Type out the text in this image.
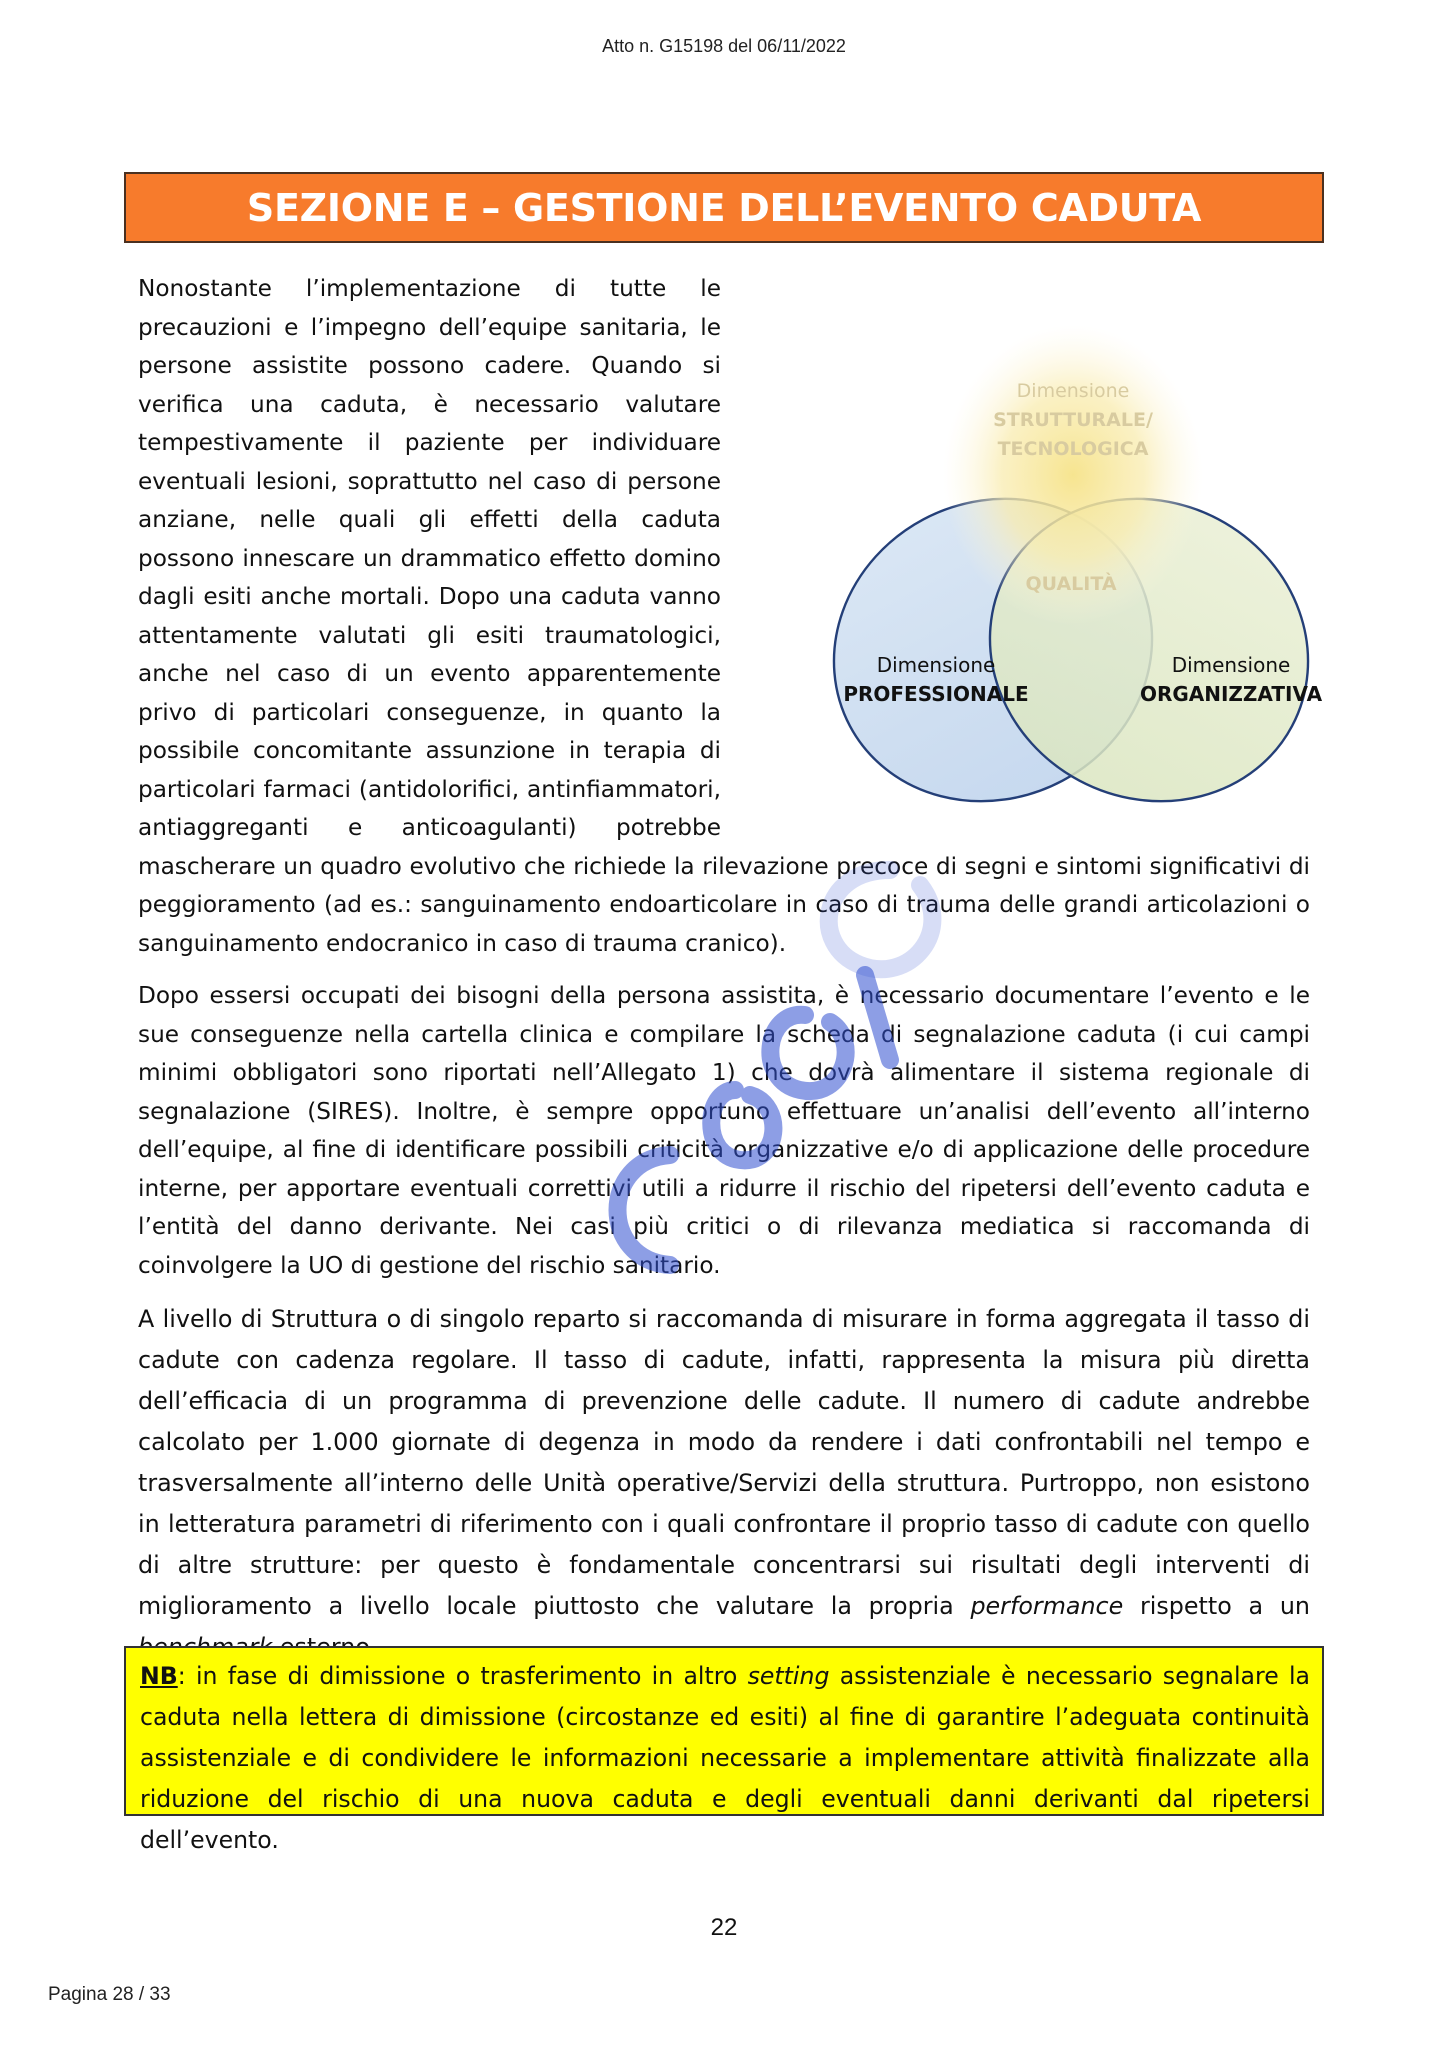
Atto n. G15198 del 06/11/2022
SEZIONE E – GESTIONE DELL’EVENTO CADUTA
Dimensione
STRUTTURALE/
TECNOLOGICA
QUALITÀ
Dimensione
PROFESSIONALE
Dimensione
ORGANIZZATIVA

Nonostante l’implementazione di tutte le precauzioni e l’impegno dell’equipe sanitaria, le persone assistite possono cadere. Quando si verifica una caduta, è necessario valutare tempestivamente il paziente per individuare eventuali lesioni, soprattutto nel caso di persone anziane, nelle quali gli effetti della caduta possono innescare un drammatico effetto domino dagli esiti anche mortali. Dopo una caduta vanno attentamente valutati gli esiti traumatologici, anche nel caso di un evento apparentemente privo di particolari conseguenze, in quanto la possibile concomitante assunzione in terapia di particolari farmaci (antidolorifici, antinfiammatori, antiaggreganti e anticoagulanti) potrebbe mascherare un quadro evolutivo che richiede la rilevazione precoce di segni e sintomi significativi di peggioramento (ad es.: sanguinamento endoarticolare in caso di trauma delle grandi articolazioni o sanguinamento endocranico in caso di trauma cranico).

Dopo essersi occupati dei bisogni della persona assistita, è necessario documentare l’evento e le sue conseguenze nella cartella clinica e compilare la scheda di segnalazione caduta (i cui campi minimi obbligatori sono riportati nell’Allegato 1) che dovrà alimentare il sistema regionale di segnalazione (SIRES). Inoltre, è sempre opportuno effettuare un’analisi dell’evento all’interno dell’equipe, al fine di identificare possibili criticità organizzative e/o di applicazione delle procedure interne, per apportare eventuali correttivi utili a ridurre il rischio del ripetersi dell’evento caduta e l’entità del danno derivante. Nei casi più critici o di rilevanza mediatica si raccomanda di coinvolgere la UO di gestione del rischio sanitario.

A livello di Struttura o di singolo reparto si raccomanda di misurare in forma aggregata il tasso di cadute con cadenza regolare. Il tasso di cadute, infatti, rappresenta la misura più diretta dell’efficacia di un programma di prevenzione delle cadute. Il numero di cadute andrebbe calcolato per 1.000 giornate di degenza in modo da rendere i dati confrontabili nel tempo e trasversalmente all’interno delle Unità operative/Servizi della struttura. Purtroppo, non esistono in letteratura parametri di riferimento con i quali confrontare il proprio tasso di cadute con quello di altre strutture: per questo è fondamentale concentrarsi sui risultati degli interventi di miglioramento a livello locale piuttosto che valutare la propria performance rispetto a un

NB: in fase di dimissione o trasferimento in altro setting assistenziale è necessario segnalare la caduta nella lettera di dimissione (circostanze ed esiti) al fine di garantire l’adeguata continuità assistenziale e di condividere le informazioni necessarie a implementare attività finalizzate alla riduzione del rischio di una nuova caduta e degli eventuali danni derivanti dal ripetersi dell’evento.
22
Pagina 28 / 33
